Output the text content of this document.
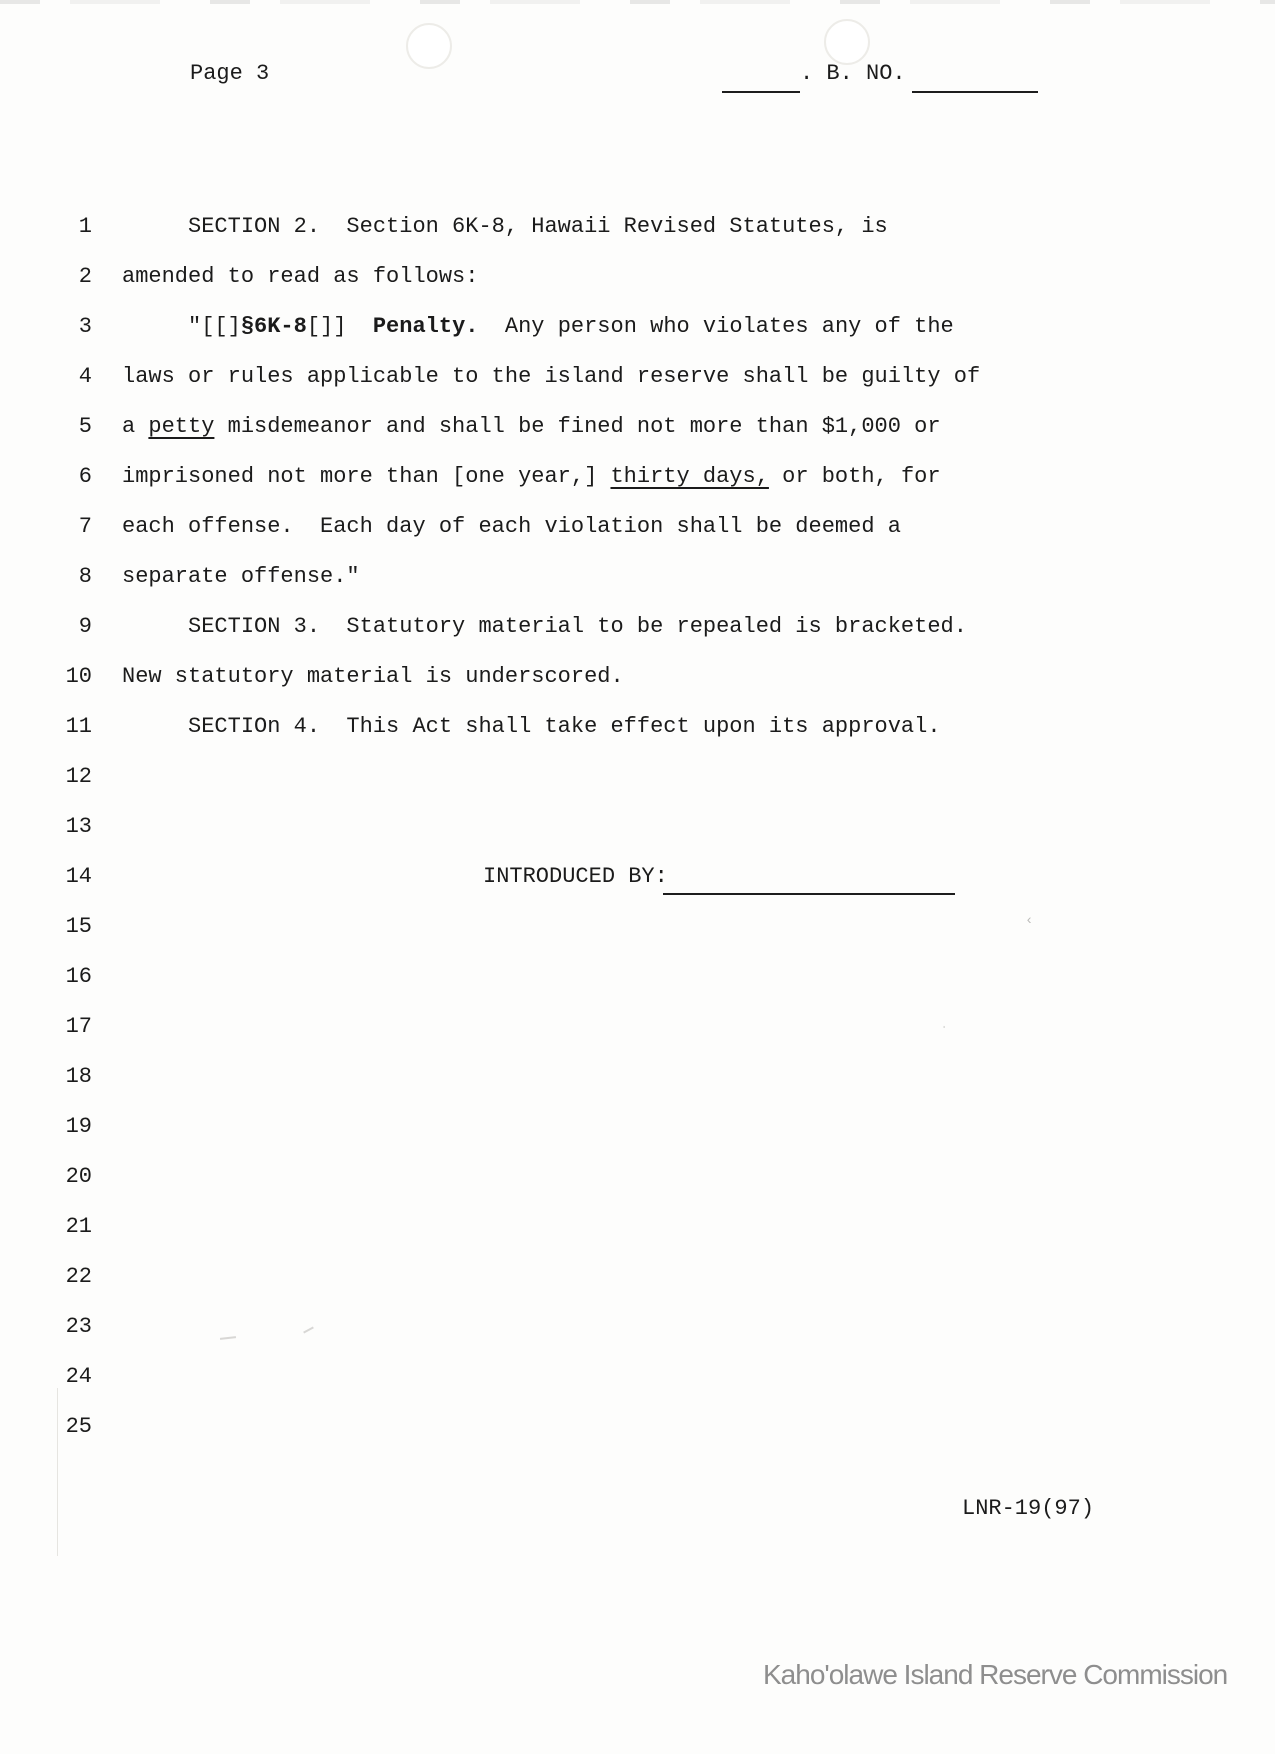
‹
·
Page 3	. B. NO.
1 SECTION 2.  Section 6K-8, Hawaii Revised Statutes, is
2 amended to read as follows:
3 "[[]§6K-8[]]  Penalty.  Any person who violates any of the
4 laws or rules applicable to the island reserve shall be guilty of
5 a petty misdemeanor and shall be fined not more than $1,000 or
6 imprisoned not more than [one year,] thirty days, or both, for
7 each offense.  Each day of each violation shall be deemed a
8 separate offense."
9 SECTION 3.  Statutory material to be repealed is bracketed.
10 New statutory material is underscored.
11 SECTIOn 4.  This Act shall take effect upon its approval.
12
13
14
15
16
17
18
19
20
21
22
23
24
25
INTRODUCED BY:
LNR-19(97)
Kaho'olawe Island Reserve Commission
